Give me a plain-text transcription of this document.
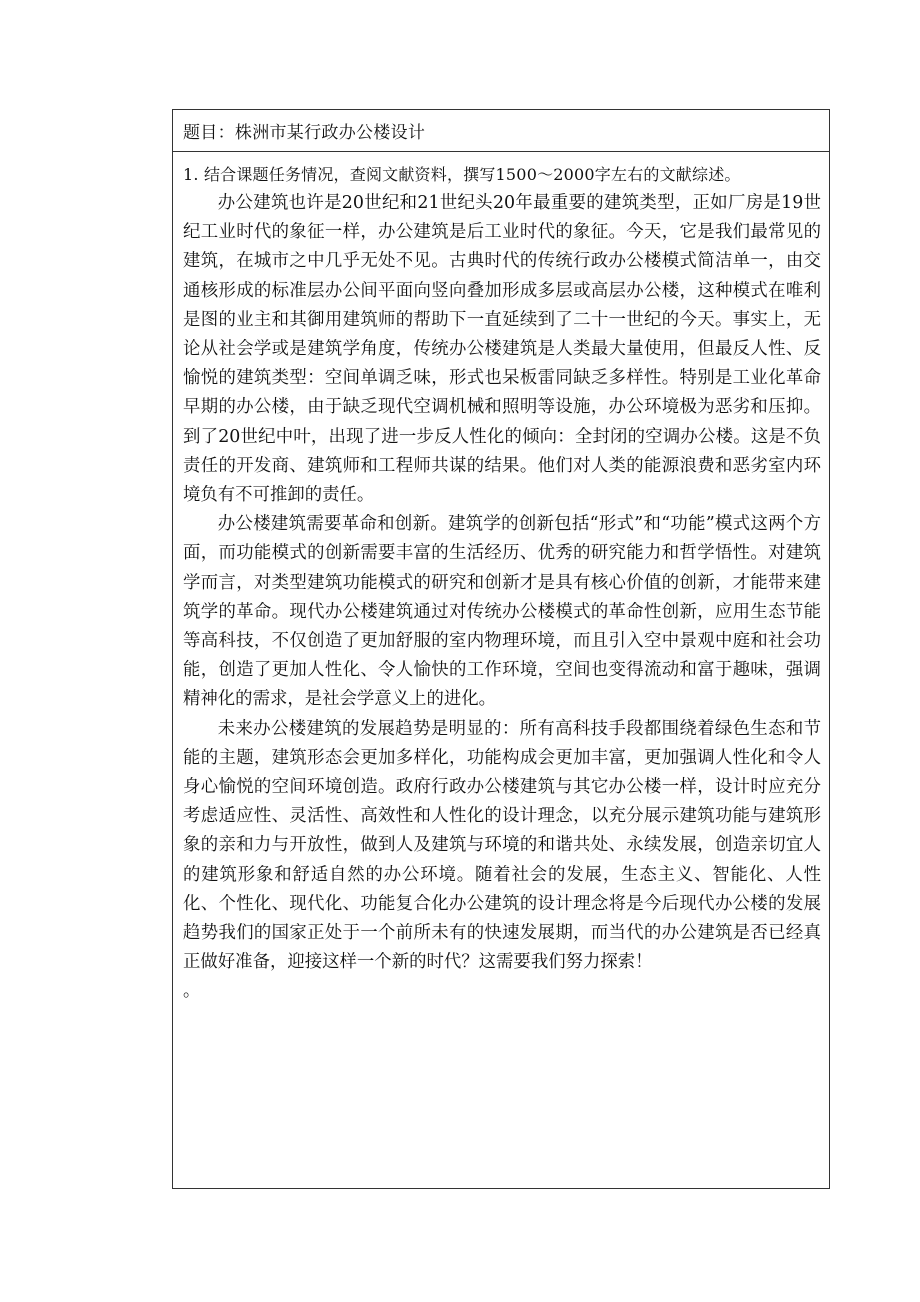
题目：株洲市某行政办公楼设计
1. 结合课题任务情况，查阅文献资料，撰写1500～2000字左右的文献综述。

办公建筑也许是20世纪和21世纪头20年最重要的建筑类型，正如厂房是19世纪工业时代的象征一样，办公建筑是后工业时代的象征。今天，它是我们最常见的建筑，在城市之中几乎无处不见。古典时代的传统行政办公楼模式简洁单一，由交通核形成的标准层办公间平面向竖向叠加形成多层或高层办公楼，这种模式在唯利是图的业主和其御用建筑师的帮助下一直延续到了二十一世纪的今天。事实上，无论从社会学或是建筑学角度，传统办公楼建筑是人类最大量使用，但最反人性、反愉悦的建筑类型：空间单调乏味，形式也呆板雷同缺乏多样性。特别是工业化革命早期的办公楼，由于缺乏现代空调机械和照明等设施，办公环境极为恶劣和压抑。到了20世纪中叶，出现了进一步反人性化的倾向：全封闭的空调办公楼。这是不负责任的开发商、建筑师和工程师共谋的结果。他们对人类的能源浪费和恶劣室内环境负有不可推卸的责任。

办公楼建筑需要革命和创新。建筑学的创新包括“形式”和“功能”模式这两个方面，而功能模式的创新需要丰富的生活经历、优秀的研究能力和哲学悟性。对建筑学而言，对类型建筑功能模式的研究和创新才是具有核心价值的创新，才能带来建筑学的革命。现代办公楼建筑通过对传统办公楼模式的革命性创新，应用生态节能等高科技，不仅创造了更加舒服的室内物理环境，而且引入空中景观中庭和社会功能，创造了更加人性化、令人愉快的工作环境，空间也变得流动和富于趣味，强调精神化的需求，是社会学意义上的进化。

未来办公楼建筑的发展趋势是明显的：所有高科技手段都围绕着绿色生态和节能的主题，建筑形态会更加多样化，功能构成会更加丰富，更加强调人性化和令人身心愉悦的空间环境创造。政府行政办公楼建筑与其它办公楼一样，设计时应充分考虑适应性、灵活性、高效性和人性化的设计理念，以充分展示建筑功能与建筑形象的亲和力与开放性，做到人及建筑与环境的和谐共处、永续发展，创造亲切宜人的建筑形象和舒适自然的办公环境。随着社会的发展，生态主义、智能化、人性化、个性化、现代化、功能复合化办公建筑的设计理念将是今后现代办公楼的发展趋势我们的国家正处于一个前所未有的快速发展期，而当代的办公建筑是否已经真正做好准备，迎接这样一个新的时代？这需要我们努力探索！

。
